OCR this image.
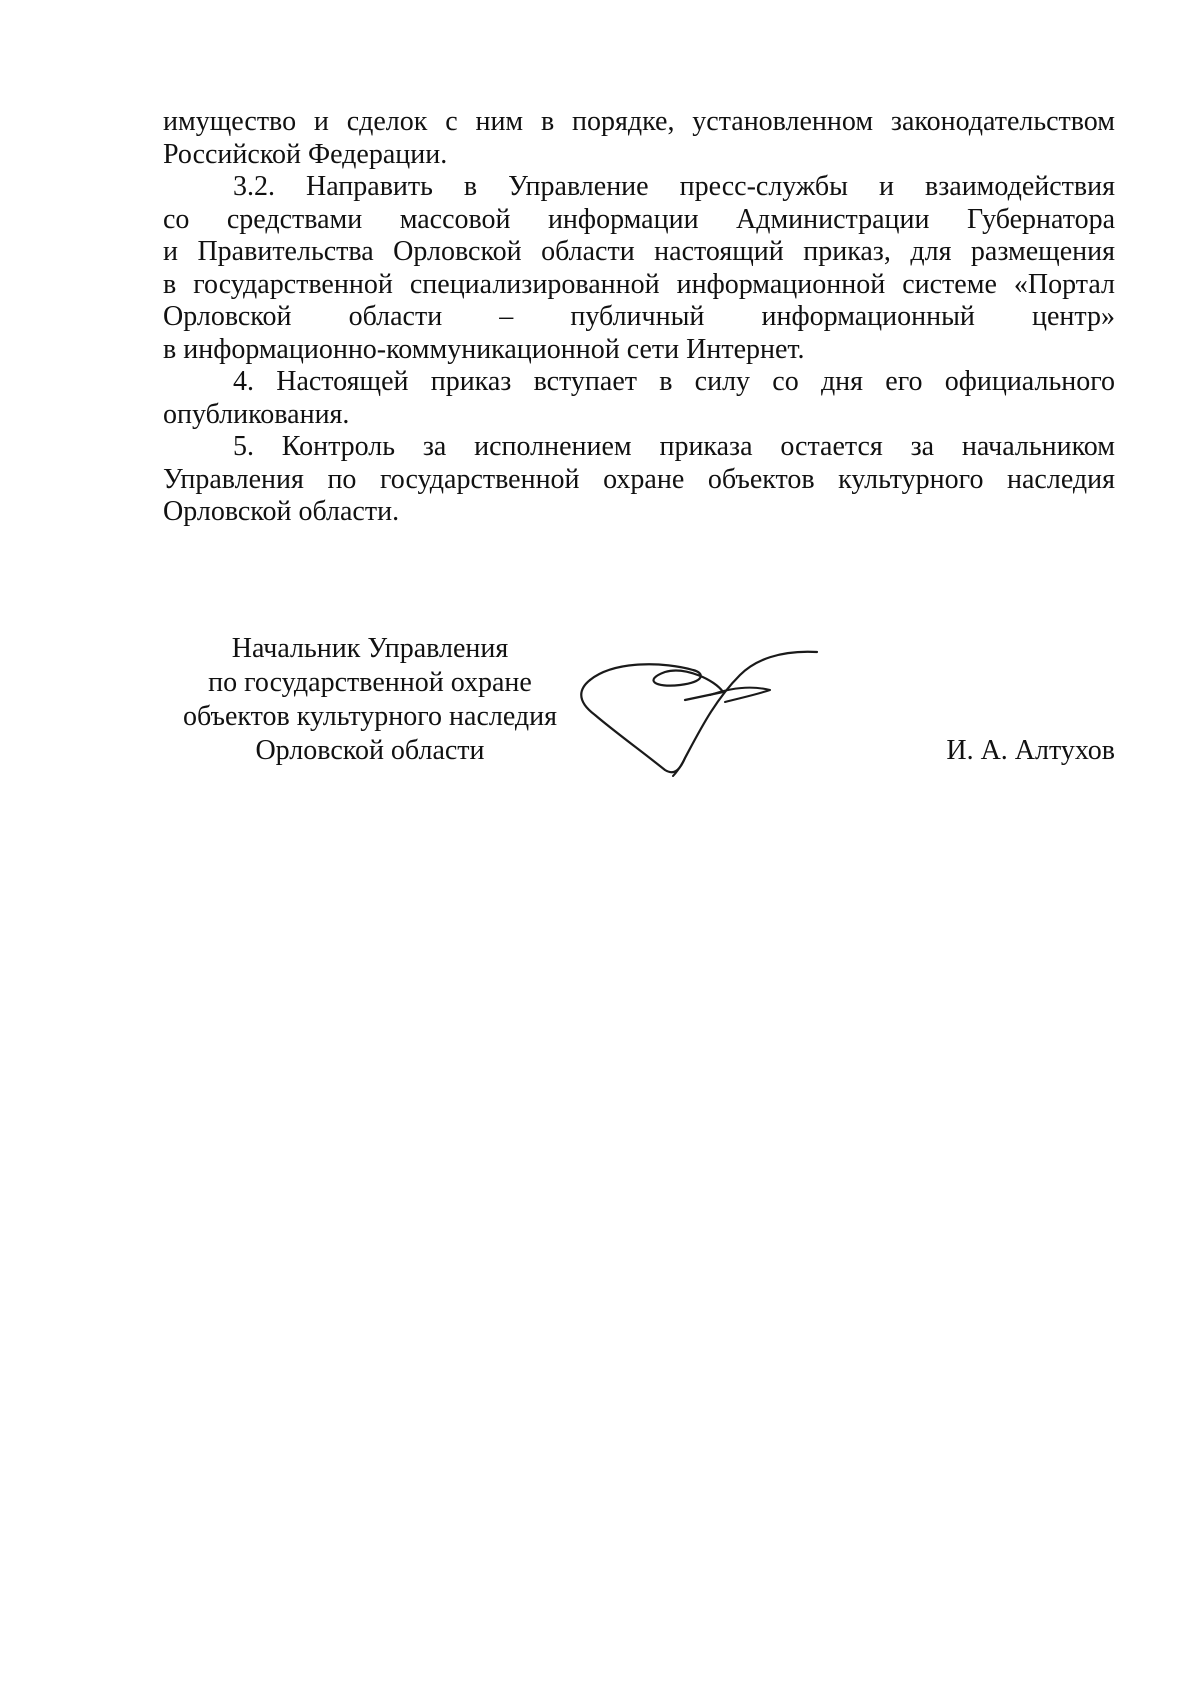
имущество и сделок с ним в порядке, установленном законодательством
Российской Федерации.

3.2. Направить в Управление пресс-службы и взаимодействия
со средствами массовой информации Администрации Губернатора
и Правительства Орловской области настоящий приказ, для размещения
в государственной специализированной информационной системе «Портал
Орловской области – публичный информационный центр»
в информационно-коммуникационной сети Интернет.

4. Настоящей приказ вступает в силу со дня его официального
опубликования.

5. Контроль за исполнением приказа остается за начальником
Управления по государственной охране объектов культурного наследия
Орловской области.

Начальник Управления
по государственной охране
объектов культурного наследия
Орловской области	И. А. Алтухов
